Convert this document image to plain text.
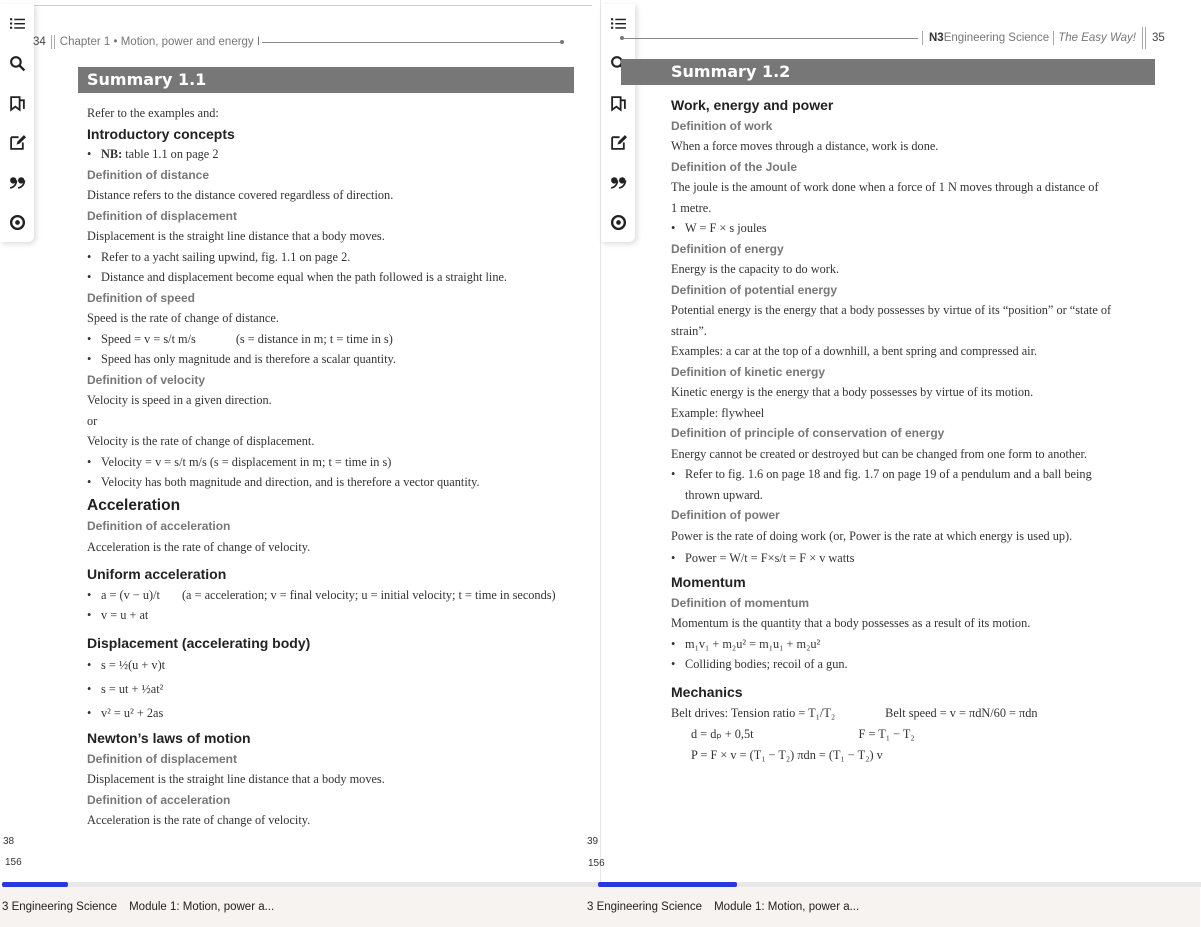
34 Chapter 1 • Motion, power and energy I
Summary 1.1
Refer to the examples and:
Introductory concepts
• NB: table 1.1 on page 2
Definition of distance
Distance refers to the distance covered regardless of direction.
Definition of displacement
Displacement is the straight line distance that a body moves.
• Refer to a yacht sailing upwind, fig. 1.1 on page 2.
• Distance and displacement become equal when the path followed is a straight line.
Definition of speed
Speed is the rate of change of distance.
• Speed = v = s/t m/s	(s = distance in m; t = time in s)
• Speed has only magnitude and is therefore a scalar quantity.
Definition of velocity
Velocity is speed in a given direction.
or
Velocity is the rate of change of displacement.
• Velocity = v = s/t m/s (s = displacement in m; t = time in s)
• Velocity has both magnitude and direction, and is therefore a vector quantity.
Acceleration
Definition of acceleration
Acceleration is the rate of change of velocity.
Uniform acceleration
• a = (v − u)/t (a = acceleration; v = final velocity; u = initial velocity; t = time in seconds)
• v = u + at
Displacement (accelerating body)
• s = ½(u + v)t
• s = ut + ½at²
• v² = u² + 2as
Newton’s laws of motion
Definition of displacement
Displacement is the straight line distance that a body moves.
Definition of acceleration
Acceleration is the rate of change of velocity.
38
156
N3 Engineering Science The Easy Way! 35
Summary 1.2
Work, energy and power
Definition of work
When a force moves through a distance, work is done.
Definition of the Joule
The joule is the amount of work done when a force of 1 N moves through a distance of
1 metre.
• W = F × s joules
Definition of energy
Energy is the capacity to do work.
Definition of potential energy
Potential energy is the energy that a body possesses by virtue of its “position” or “state of
strain”.
Examples: a car at the top of a downhill, a bent spring and compressed air.
Definition of kinetic energy
Kinetic energy is the energy that a body possesses by virtue of its motion.
Example: flywheel
Definition of principle of conservation of energy
Energy cannot be created or destroyed but can be changed from one form to another.
• Refer to fig. 1.6 on page 18 and fig. 1.7 on page 19 of a pendulum and a ball being
thrown upward.
Definition of power
Power is the rate of doing work (or, Power is the rate at which energy is used up).
• Power = W/t = F×s/t = F × v watts
Momentum
Definition of momentum
Momentum is the quantity that a body possesses as a result of its motion.
• m₁v₁ + m₂u² = m₁u₁ + m₂u²
• Colliding bodies; recoil of a gun.
Mechanics
Belt drives: Tension ratio = T₁/T₂	Belt speed = v = πdN/60 = πdn
d = dₚ + 0,5t	F = T₁ − T₂
P = F × v = (T₁ − T₂) πdn = (T₁ − T₂) v
39
156
3 Engineering Science Module 1: Motion, power a...	3 Engineering Science Module 1: Motion, power a...
